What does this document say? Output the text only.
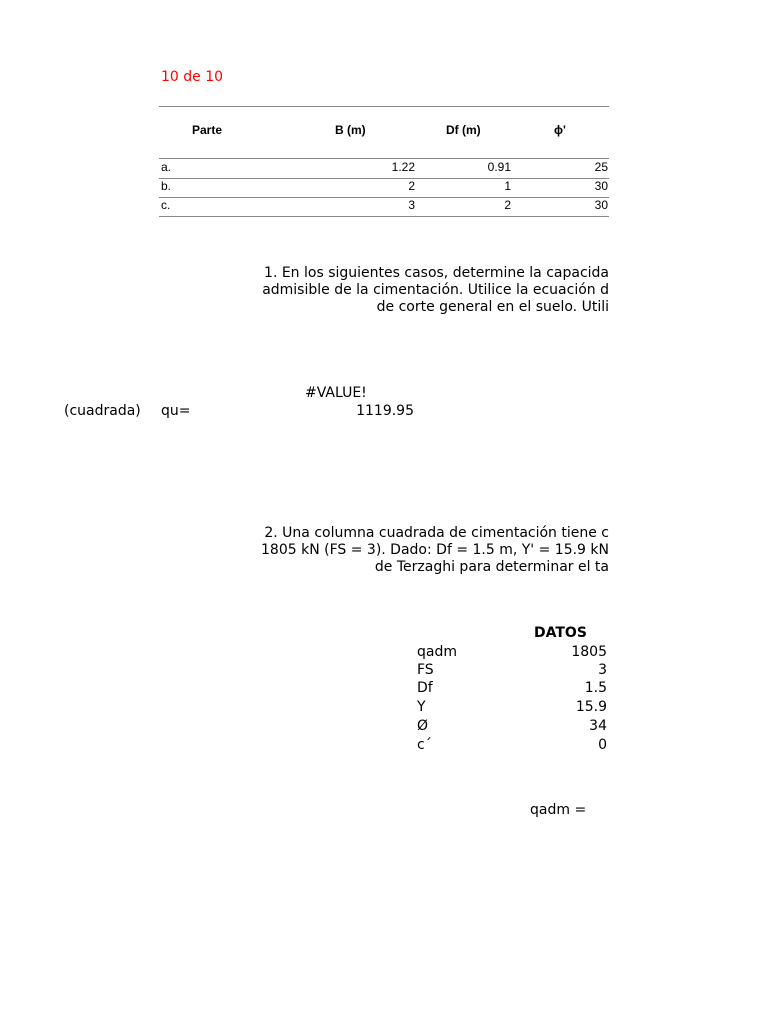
10 de 10
Parte	B (m)	Df (m)	ϕ'
a.	1.22	0.91	25
b.	2	1	30
c.	3	2	30
1. En los siguientes casos, determine la capacida
admisible de la cimentación. Utilice la ecuación d
de corte general en el suelo. Utili
#VALUE!
(cuadrada) qu=	1119.95
2. Una columna cuadrada de cimentación tiene c
1805 kN (FS = 3). Dado: Df = 1.5 m, Y' = 15.9 kN
de Terzaghi para determinar el ta
DATOS
qadm	1805
FS	3
Df	1.5
Y	15.9
Ø	34
c´	0
qadm =
